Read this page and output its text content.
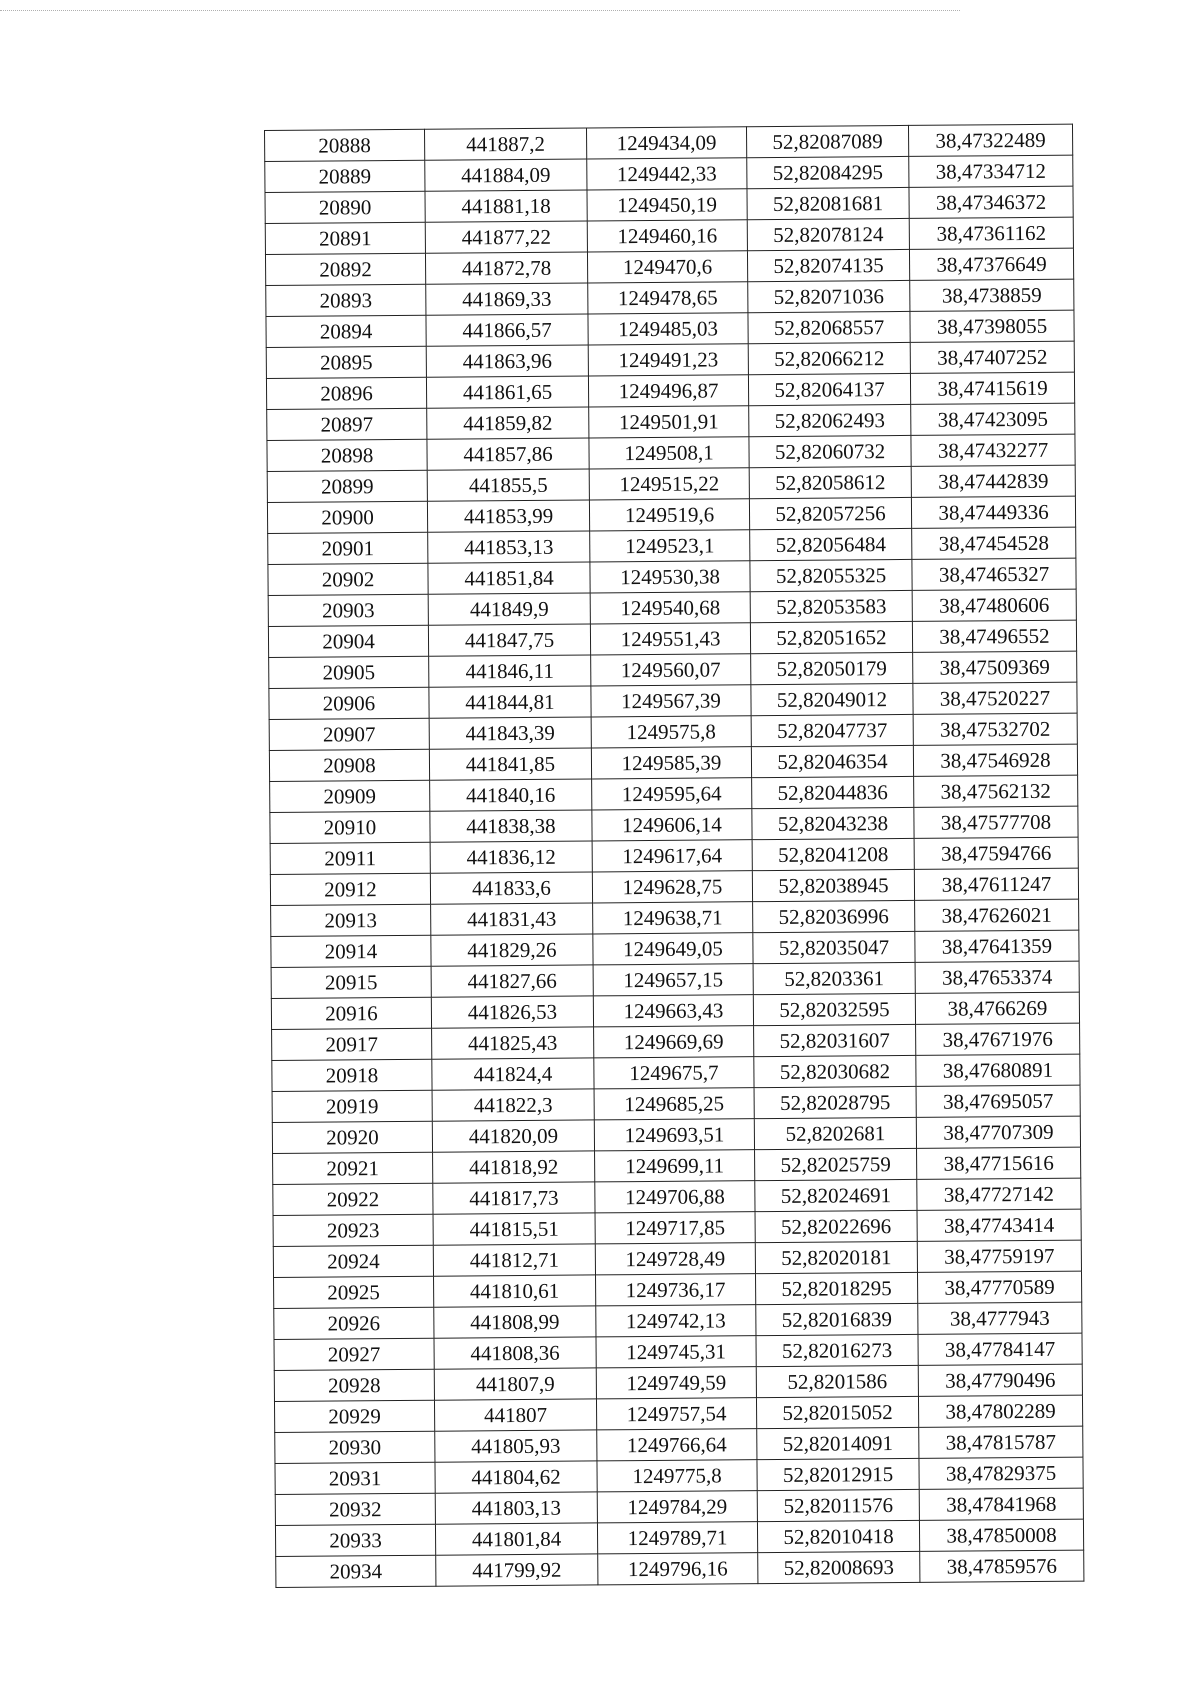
20888	441887,2	1249434,09	52,82087089	38,47322489
20889	441884,09	1249442,33	52,82084295	38,47334712
20890	441881,18	1249450,19	52,82081681	38,47346372
20891	441877,22	1249460,16	52,82078124	38,47361162
20892	441872,78	1249470,6	52,82074135	38,47376649
20893	441869,33	1249478,65	52,82071036	38,4738859
20894	441866,57	1249485,03	52,82068557	38,47398055
20895	441863,96	1249491,23	52,82066212	38,47407252
20896	441861,65	1249496,87	52,82064137	38,47415619
20897	441859,82	1249501,91	52,82062493	38,47423095
20898	441857,86	1249508,1	52,82060732	38,47432277
20899	441855,5	1249515,22	52,82058612	38,47442839
20900	441853,99	1249519,6	52,82057256	38,47449336
20901	441853,13	1249523,1	52,82056484	38,47454528
20902	441851,84	1249530,38	52,82055325	38,47465327
20903	441849,9	1249540,68	52,82053583	38,47480606
20904	441847,75	1249551,43	52,82051652	38,47496552
20905	441846,11	1249560,07	52,82050179	38,47509369
20906	441844,81	1249567,39	52,82049012	38,47520227
20907	441843,39	1249575,8	52,82047737	38,47532702
20908	441841,85	1249585,39	52,82046354	38,47546928
20909	441840,16	1249595,64	52,82044836	38,47562132
20910	441838,38	1249606,14	52,82043238	38,47577708
20911	441836,12	1249617,64	52,82041208	38,47594766
20912	441833,6	1249628,75	52,82038945	38,47611247
20913	441831,43	1249638,71	52,82036996	38,47626021
20914	441829,26	1249649,05	52,82035047	38,47641359
20915	441827,66	1249657,15	52,8203361	38,47653374
20916	441826,53	1249663,43	52,82032595	38,4766269
20917	441825,43	1249669,69	52,82031607	38,47671976
20918	441824,4	1249675,7	52,82030682	38,47680891
20919	441822,3	1249685,25	52,82028795	38,47695057
20920	441820,09	1249693,51	52,8202681	38,47707309
20921	441818,92	1249699,11	52,82025759	38,47715616
20922	441817,73	1249706,88	52,82024691	38,47727142
20923	441815,51	1249717,85	52,82022696	38,47743414
20924	441812,71	1249728,49	52,82020181	38,47759197
20925	441810,61	1249736,17	52,82018295	38,47770589
20926	441808,99	1249742,13	52,82016839	38,4777943
20927	441808,36	1249745,31	52,82016273	38,47784147
20928	441807,9	1249749,59	52,8201586	38,47790496
20929	441807	1249757,54	52,82015052	38,47802289
20930	441805,93	1249766,64	52,82014091	38,47815787
20931	441804,62	1249775,8	52,82012915	38,47829375
20932	441803,13	1249784,29	52,82011576	38,47841968
20933	441801,84	1249789,71	52,82010418	38,47850008
20934	441799,92	1249796,16	52,82008693	38,47859576
